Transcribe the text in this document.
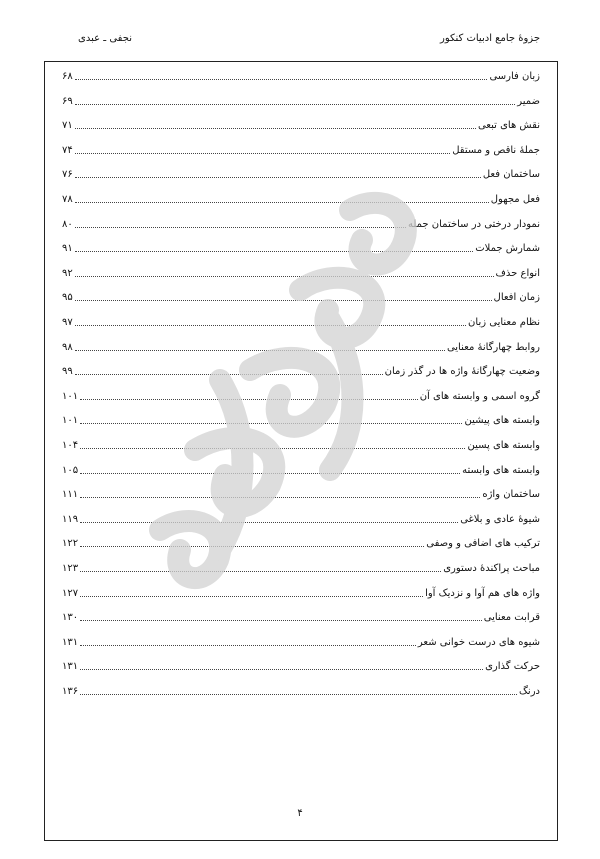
نجفی ـ عبدی	جزوهٔ جامع ادبیات کنکور
۶۸	زبان فارسی
۶۹	ضمیر
۷۱	نقش های تبعی
۷۴	جملهٔ ناقص و مستقل
۷۶	ساختمان فعل
۷۸	فعل مجهول
۸۰	نمودار درختی در ساختمان جمله
۹۱	شمارش جملات
۹۲	انواع حذف
۹۵	زمان افعال
۹۷	نظام معنایی زبان
۹۸	روابط چهارگانهٔ معنایی
۹۹	وضعیت چهارگانهٔ واژه ها در گذر زمان
۱۰۱	گروه اسمی و وابسته های آن
۱۰۱	وابسته های پیشین
۱۰۴	وابسته های پسین
۱۰۵	وابسته های وابسته
۱۱۱	ساختمان واژه
۱۱۹	شیوهٔ عادی و بلاغی
۱۲۲	ترکیب های اضافی و وصفی
۱۲۳	مباحث پراکندهٔ دستوری
۱۲۷	واژه های هم آوا و نزدیک آوا
۱۳۰	قرابت معنایی
۱۳۱	شیوه های درست خوانی شعر
۱۳۱	حرکت گذاری
۱۳۶	درنگ
۴
